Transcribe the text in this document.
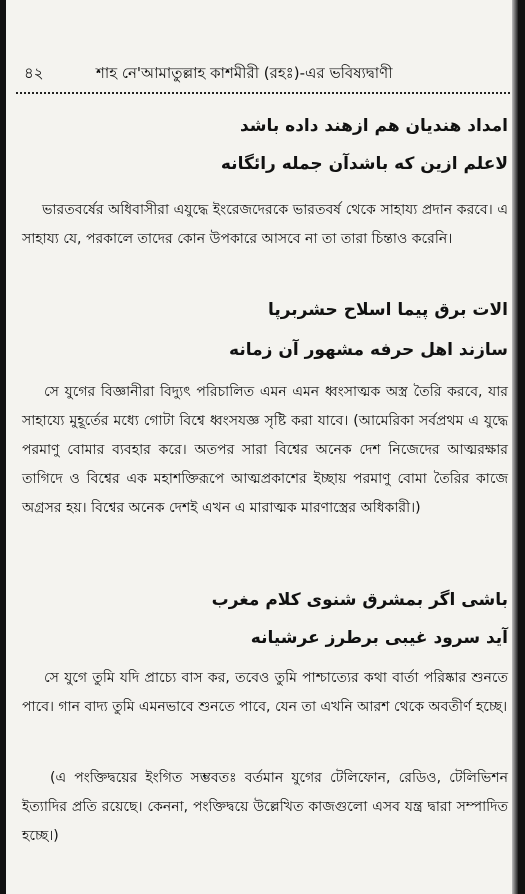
৪২	শাহ নে'আমাতুল্লাহ কাশমীরী (রহঃ)-এর ভবিষ্যদ্বাণী
امداد هندیان هم ازهند داده باشد
لاعلم ازین که باشدآن جمله رائگانه
ভারতবর্ষের অধিবাসীরা এযুদ্ধে ইংরেজদেরকে ভারতবর্ষ থেকে সাহায্য প্রদান করবে। এ সাহায্য যে, পরকালে তাদের কোন উপকারে আসবে না তা তারা চিন্তাও করেনি।
الات برق پیما اسلاح حشربرپا
سازند اهل حرفه مشهور آن زمانه
সে যুগের বিজ্ঞানীরা বিদ্যুৎ পরিচালিত এমন এমন ধ্বংসাত্মক অস্ত্র তৈরি করবে, যার সাহায্যে মুহূর্তের মধ্যে গোটা বিশ্বে ধ্বংসযজ্ঞ সৃষ্টি করা যাবে। (আমেরিকা সর্বপ্রথম এ যুদ্ধে পরমাণু বোমার ব্যবহার করে। অতপর সারা বিশ্বের অনেক দেশ নিজেদের আত্মরক্ষার তাগিদে ও বিশ্বের এক মহাশক্তিরূপে আত্মপ্রকাশের ইচ্ছায় পরমাণু বোমা তৈরির কাজে অগ্রসর হয়। বিশ্বের অনেক দেশই এখন এ মারাত্মক মারণাস্ত্রের অধিকারী।)
باشی اگر بمشرق شنوی کلام مغرب
آید سرود غیبی برطرز عرشیانه
সে যুগে তুমি যদি প্রাচ্যে বাস কর, তবেও তুমি পাশ্চাত্যের কথা বার্তা পরিষ্কার শুনতে পাবে। গান বাদ্য তুমি এমনভাবে শুনতে পাবে, যেন তা এখনি আরশ থেকে অবতীর্ণ হচ্ছে।
(এ পংক্তিদ্বয়ের ইংগিত সম্ভবতঃ বর্তমান যুগের টেলিফোন, রেডিও, টেলিভিশন ইত্যাদির প্রতি রয়েছে। কেননা, পংক্তিদ্বয়ে উল্লেখিত কাজগুলো এসব যন্ত্র দ্বারা সম্পাদিত হচ্ছে।)
